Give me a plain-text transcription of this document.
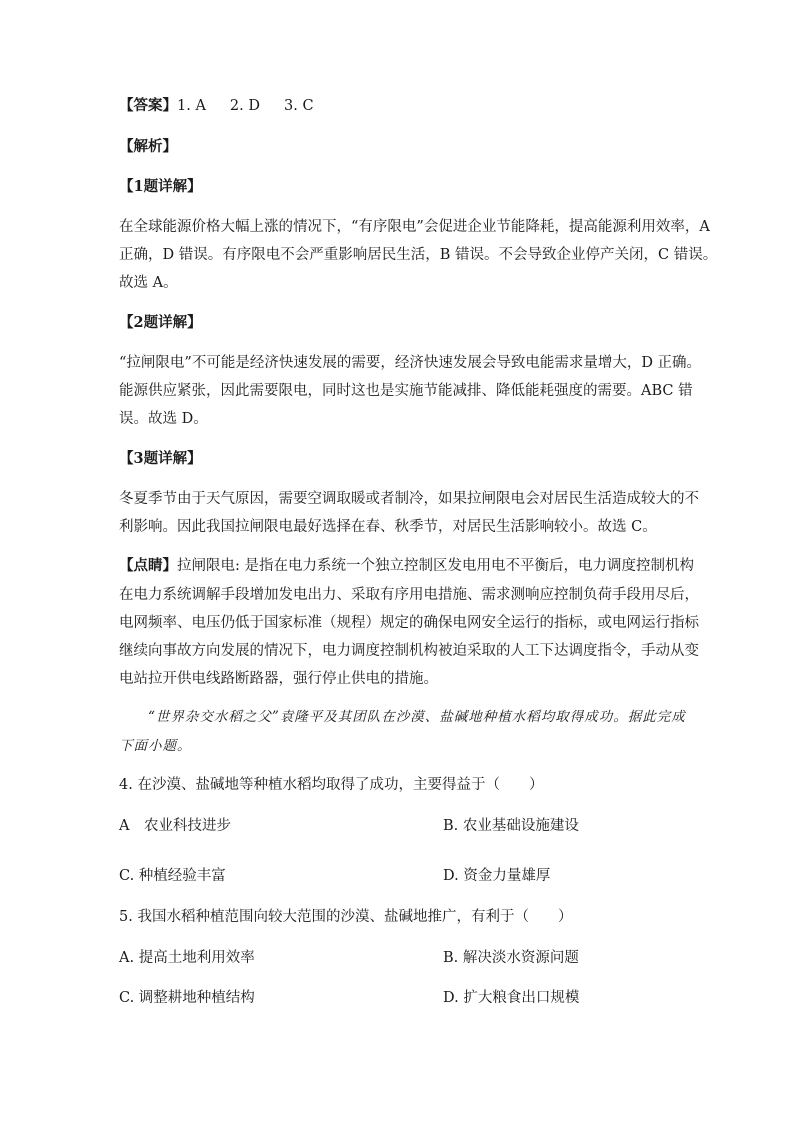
【答案】1. A 2. D 3. C
【解析】
【1题详解】
在全球能源价格大幅上涨的情况下，“有序限电”会促进企业节能降耗，提高能源利用效率，A
正确，D 错误。有序限电不会严重影响居民生活，B 错误。不会导致企业停产关闭，C 错误。
故选 A。
【2题详解】
“拉闸限电”不可能是经济快速发展的需要，经济快速发展会导致电能需求量增大，D 正确。
能源供应紧张，因此需要限电，同时这也是实施节能减排、降低能耗强度的需要。ABC 错
误。故选 D。
【3题详解】
冬夏季节由于天气原因，需要空调取暖或者制冷，如果拉闸限电会对居民生活造成较大的不
利影响。因此我国拉闸限电最好选择在春、秋季节，对居民生活影响较小。故选 C。
【点睛】拉闸限电: 是指在电力系统一个独立控制区发电用电不平衡后，电力调度控制机构
在电力系统调解手段增加发电出力、采取有序用电措施、需求测响应控制负荷手段用尽后，
电网频率、电压仍低于国家标准（规程）规定的确保电网安全运行的指标，或电网运行指标
继续向事故方向发展的情况下，电力调度控制机构被迫采取的人工下达调度指令，手动从变
电站拉开供电线路断路器，强行停止供电的措施。
“世界杂交水稻之父”袁隆平及其团队在沙漠、盐碱地种植水稻均取得成功。据此完成
下面小题。
4. 在沙漠、盐碱地等种植水稻均取得了成功，主要得益于（　　）
A　农业科技进步	B. 农业基础设施建设
C. 种植经验丰富	D. 资金力量雄厚
5. 我国水稻种植范围向较大范围的沙漠、盐碱地推广，有利于（　　）
A. 提高土地利用效率	B. 解决淡水资源问题
C. 调整耕地种植结构	D. 扩大粮食出口规模
